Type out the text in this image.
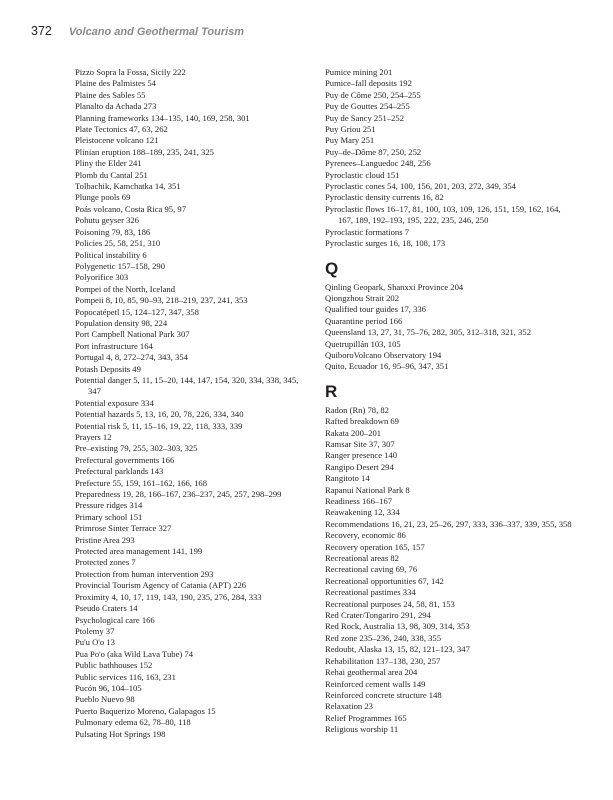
372 Volcano and Geothermal Tourism
Pizzo Sopra la Fossa, Sicily 222
Plaine des Palmistes 54
Plaine des Sables 55
Planalto da Achada 273
Planning frameworks 134–135, 140, 169, 258, 301
Plate Tectonics 47, 63, 262
Pleistocene volcano 121
Plinian eruption 188–189, 235, 241, 325
Pliny the Elder 241
Plomb du Cantal 251
Tolbachik, Kamchatka 14, 351
Plunge pools 69
Poás volcano, Costa Rica 95, 97
Pohutu geyser 326
Poisoning 79, 83, 186
Policies 25, 58, 251, 310
Political instability 6
Polygenetic 157–158, 290
Polyorifice 303
Pompei of the North, Iceland
Pompeii 8, 10, 85, 90–93, 218–219, 237, 241, 353
Popocatépetl 15, 124–127, 347, 358
Population density 98, 224
Port Campbell National Park 307
Port infrastructure 164
Portugal 4, 8, 272–274, 343, 354
Potash Deposits 49
Potential danger 5, 11, 15–20, 144, 147, 154, 320, 334, 338, 345, 347
Potential exposure 334
Potential hazards 5, 13, 16, 20, 78, 226, 334, 340
Potential risk 5, 11, 15–16, 19, 22, 118, 333, 339
Prayers 12
Pre–existing 79, 255, 302–303, 325
Prefectural governments 166
Prefectural parklands 143
Prefecture 55, 159, 161–162, 166, 168
Preparedness 19, 28, 166–167, 236–237, 245, 257, 298–299
Pressure ridges 314
Primary school 151
Primrose Sinter Terrace 327
Pristine Area 293
Protected area management 141, 199
Protected zones 7
Protection from human intervention 293
Provincial Tourism Agency of Catania (APT) 226
Proximity 4, 10, 17, 119, 143, 190, 235, 276, 284, 333
Pseudo Craters 14
Psychological care 166
Ptolemy 37
Pu'u O'o 13
Pua Po'o (aka Wild Lava Tube) 74
Public bathhouses 152
Public services 116, 163, 231
Pucón 96, 104–105
Pueblo Nuevo 98
Puerto Baquerizo Moreno, Galapagos 15
Pulmonary edema 62, 78–80, 118
Pulsating Hot Springs 198
Pumice mining 201
Pumice–fall deposits 192
Puy de Côme 250, 254–255
Puy de Gouttes 254–255
Puy de Sancy 251–252
Puy Griou 251
Puy Mary 251
Puy–de–Dôme 87, 250, 252
Pyrenees–Languedoc 248, 256
Pyroclastic cloud 151
Pyroclastic cones 54, 100, 156, 201, 203, 272, 349, 354
Pyroclastic density currents 16, 82
Pyroclastic flows 16–17, 81, 100, 103, 109, 126, 151, 159, 162, 164, 167, 189, 192–193, 195, 222, 235, 246, 250
Pyroclastic formations 7
Pyroclastic surges 16, 18, 108, 173
Q
Qinling Geopark, Shanxxi Province 204
Qiongzhou Strait 202
Qualified tour guides 17, 336
Quarantine period 166
Queensland 13, 27, 31, 75–76, 282, 305, 312–318, 321, 352
Quetrupillán 103, 105
QuiboroVolcano Observatory 194
Quito, Ecuador 16, 95–96, 347, 351
R
Radon (Rn) 78, 82
Rafted breakdown 69
Rakata 200–201
Ramsar Site 37, 307
Ranger presence 140
Rangipo Desert 294
Rangitoto 14
Rapanui National Park 8
Readiness 166–167
Reawakening 12, 334
Recommendations 16, 21, 23, 25–26, 297, 333, 336–337, 339, 355, 358
Recovery, economic 86
Recovery operation 165, 157
Recreational areas 82
Recreational caving 69, 76
Recreational opportunities 67, 142
Recreational pastimes 334
Recreational purposes 24, 58, 81, 153
Red Crater/Tongariro 291, 294
Red Rock, Australia 13, 98, 309, 314, 353
Red zone 235–236, 240, 338, 355
Redoubt, Alaska 13, 15, 82, 121–123, 347
Rehabilitation 137–138, 230, 257
Rehai geothermal area 204
Reinforced cement walls 149
Reinforced concrete structure 148
Relaxation 23
Relief Programmes 165
Religious worship 11
